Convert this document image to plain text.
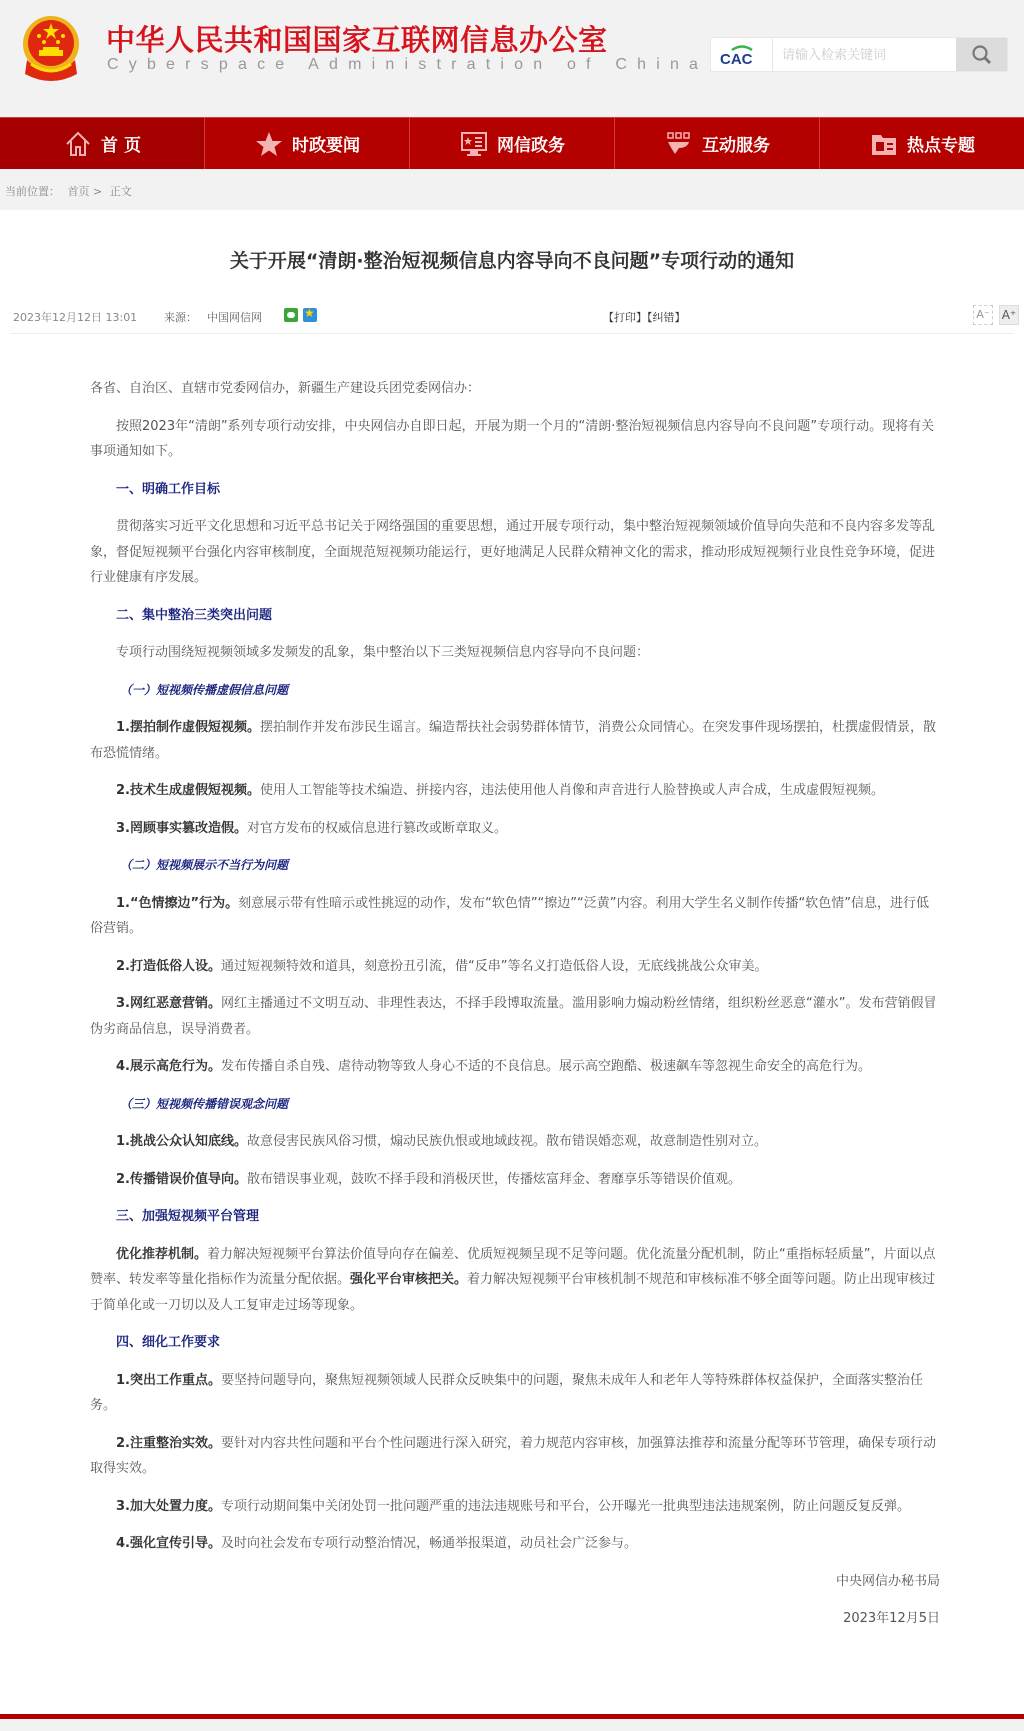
中华人民共和国国家互联网信息办公室
Cyberspace Administration of China CAC
请输入检索关键词
首 页	时政要闻	网信政务	互动服务	热点专题
当前位置： 首页 > 正文
关于开展“清朗·整治短视频信息内容导向不良问题”专项行动的通知
2023年12月12日 13:01 来源： 中国网信网 ★	【打印】【纠错】	A⁻ A⁺

各省、自治区、直辖市党委网信办，新疆生产建设兵团党委网信办：

按照2023年“清朗”系列专项行动安排，中央网信办自即日起，开展为期一个月的“清朗·整治短视频信息内容导向不良问题”专项行动。现将有关事项通知如下。

一、明确工作目标

贯彻落实习近平文化思想和习近平总书记关于网络强国的重要思想，通过开展专项行动，集中整治短视频领域价值导向失范和不良内容多发等乱象，督促短视频平台强化内容审核制度，全面规范短视频功能运行，更好地满足人民群众精神文化的需求，推动形成短视频行业良性竞争环境，促进行业健康有序发展。

二、集中整治三类突出问题

专项行动围绕短视频领域多发频发的乱象，集中整治以下三类短视频信息内容导向不良问题：

（一）短视频传播虚假信息问题

1.摆拍制作虚假短视频。摆拍制作并发布涉民生谣言。编造帮扶社会弱势群体情节，消费公众同情心。在突发事件现场摆拍，杜撰虚假情景，散布恐慌情绪。

2.技术生成虚假短视频。使用人工智能等技术编造、拼接内容，违法使用他人肖像和声音进行人脸替换或人声合成，生成虚假短视频。

3.罔顾事实篡改造假。对官方发布的权威信息进行篡改或断章取义。

（二）短视频展示不当行为问题

1.“色情擦边”行为。刻意展示带有性暗示或性挑逗的动作，发布“软色情”“擦边”“泛黄”内容。利用大学生名义制作传播“软色情”信息，进行低俗营销。

2.打造低俗人设。通过短视频特效和道具，刻意扮丑引流，借“反串”等名义打造低俗人设，无底线挑战公众审美。

3.网红恶意营销。网红主播通过不文明互动、非理性表达，不择手段博取流量。滥用影响力煽动粉丝情绪，组织粉丝恶意“灌水”。发布营销假冒伪劣商品信息，误导消费者。

4.展示高危行为。发布传播自杀自残、虐待动物等致人身心不适的不良信息。展示高空跑酷、极速飙车等忽视生命安全的高危行为。

（三）短视频传播错误观念问题

1.挑战公众认知底线。故意侵害民族风俗习惯，煽动民族仇恨或地域歧视。散布错误婚恋观，故意制造性别对立。

2.传播错误价值导向。散布错误事业观，鼓吹不择手段和消极厌世，传播炫富拜金、奢靡享乐等错误价值观。

三、加强短视频平台管理

优化推荐机制。着力解决短视频平台算法价值导向存在偏差、优质短视频呈现不足等问题。优化流量分配机制，防止“重指标轻质量”，片面以点赞率、转发率等量化指标作为流量分配依据。强化平台审核把关。着力解决短视频平台审核机制不规范和审核标准不够全面等问题。防止出现审核过于简单化或一刀切以及人工复审走过场等现象。

四、细化工作要求

1.突出工作重点。要坚持问题导向，聚焦短视频领域人民群众反映集中的问题，聚焦未成年人和老年人等特殊群体权益保护，全面落实整治任务。

2.注重整治实效。要针对内容共性问题和平台个性问题进行深入研究，着力规范内容审核，加强算法推荐和流量分配等环节管理，确保专项行动取得实效。

3.加大处置力度。专项行动期间集中关闭处罚一批问题严重的违法违规账号和平台，公开曝光一批典型违法违规案例，防止问题反复反弹。

4.强化宣传引导。及时向社会发布专项行动整治情况，畅通举报渠道，动员社会广泛参与。

中央网信办秘书局

2023年12月5日
